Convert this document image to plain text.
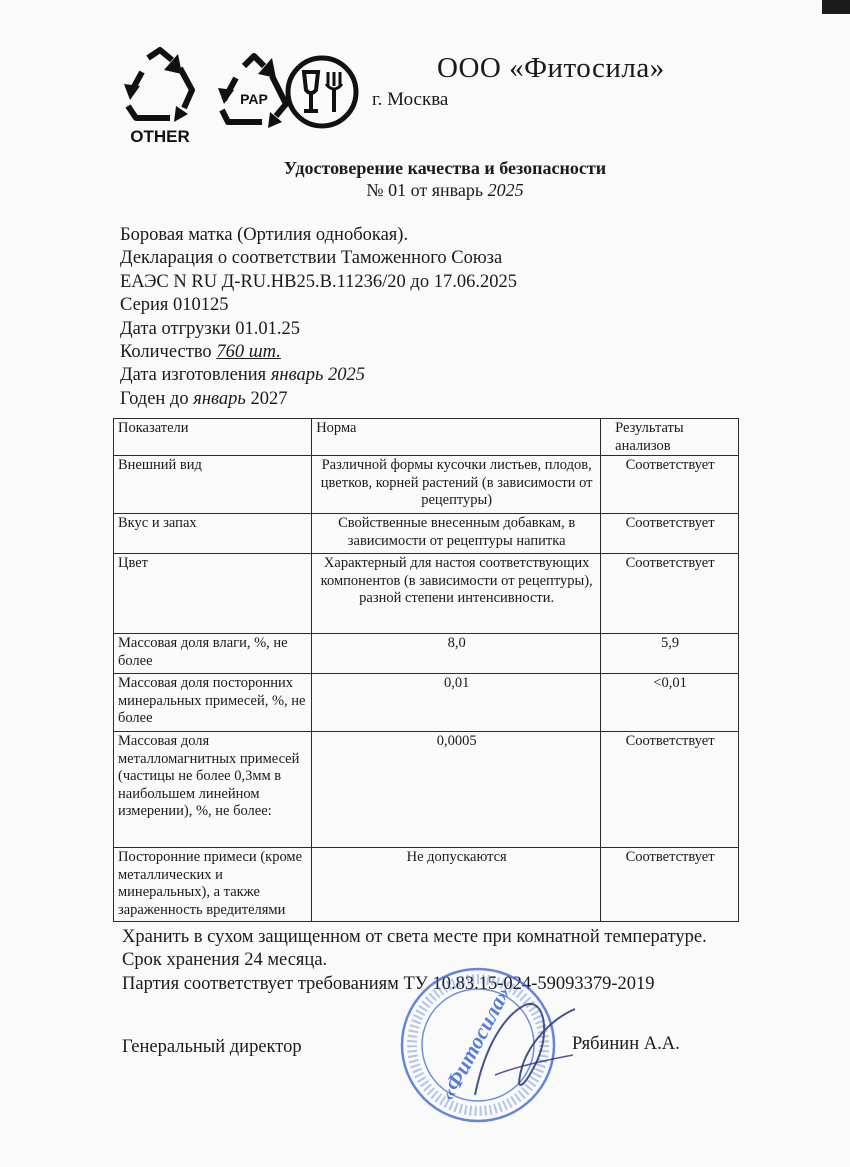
OTHER
PAP
ООО «Фитосила»
г. Москва
Удостоверение качества и безопасности
№ 01 от январь 2025
Боровая матка (Ортилия однобокая).
Декларация о соответствии Таможенного Союза
ЕАЭС N RU Д-RU.НВ25.В.11236/20 до 17.06.2025
Серия 010125
Дата отгрузки 01.01.25
Количество 760 шт.
Дата изготовления январь 2025
Годен до январь 2027
Показатели	Норма	Результаты анализов
Внешний вид	Различной формы кусочки листьев, плодов, цветков, корней растений (в зависимости от рецептуры)	Соответствует
Вкус и запах	Свойственные внесенным добавкам, в зависимости от рецептуры напитка	Соответствует
Цвет	Характерный для настоя соответствующих компонентов (в зависимости от рецептуры), разной степени интенсивности.	Соответствует
Массовая доля влаги, %, не более	8,0	5,9
Массовая доля посторонних минеральных примесей, %, не более	0,01	<0,01
Массовая доля металломагнитных примесей (частицы не более 0,3мм в наибольшем линейном измерении), %, не более:	0,0005	Соответствует
Посторонние примеси (кроме металлических и минеральных), а также зараженность вредителями	Не допускаются	Соответствует
Хранить в сухом защищенном от света месте при комнатной температуре.
Срок хранения 24 месяца.
Партия соответствует требованиям ТУ 10.83.15-024-59093379-2019
«Фитосила»
Генеральный директор	Рябинин А.А.
